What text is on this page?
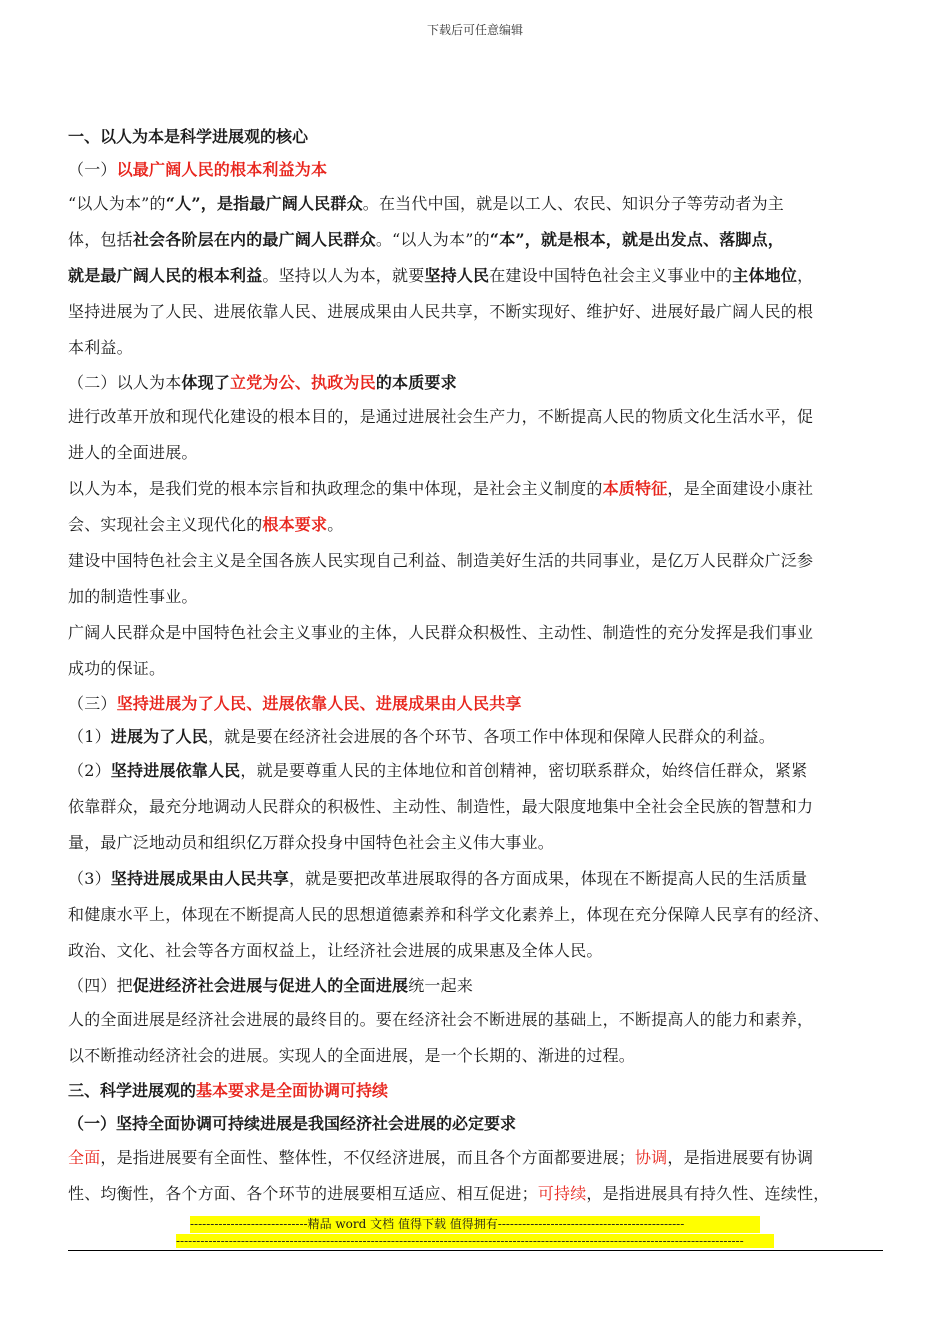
下载后可任意编辑
一、以人为本是科学进展观的核心
（一）以最广阔人民的根本利益为本
“以人为本”的“人”，是指最广阔人民群众。在当代中国，就是以工人、农民、知识分子等劳动者为主
体，包括社会各阶层在内的最广阔人民群众。“以人为本”的“本”，就是根本，就是出发点、落脚点，
就是最广阔人民的根本利益。坚持以人为本，就要坚持人民在建设中国特色社会主义事业中的主体地位，
坚持进展为了人民、进展依靠人民、进展成果由人民共享，不断实现好、维护好、进展好最广阔人民的根
本利益。
（二）以人为本体现了立党为公、执政为民的本质要求
进行改革开放和现代化建设的根本目的，是通过进展社会生产力，不断提高人民的物质文化生活水平，促
进人的全面进展。
以人为本，是我们党的根本宗旨和执政理念的集中体现，是社会主义制度的本质特征，是全面建设小康社
会、实现社会主义现代化的根本要求。
建设中国特色社会主义是全国各族人民实现自己利益、制造美好生活的共同事业，是亿万人民群众广泛参
加的制造性事业。
广阔人民群众是中国特色社会主义事业的主体，人民群众积极性、主动性、制造性的充分发挥是我们事业
成功的保证。
（三）坚持进展为了人民、进展依靠人民、进展成果由人民共享
（1）进展为了人民，就是要在经济社会进展的各个环节、各项工作中体现和保障人民群众的利益。
（2）坚持进展依靠人民，就是要尊重人民的主体地位和首创精神，密切联系群众，始终信任群众，紧紧
依靠群众，最充分地调动人民群众的积极性、主动性、制造性，最大限度地集中全社会全民族的智慧和力
量，最广泛地动员和组织亿万群众投身中国特色社会主义伟大事业。
（3）坚持进展成果由人民共享，就是要把改革进展取得的各方面成果，体现在不断提高人民的生活质量
和健康水平上，体现在不断提高人民的思想道德素养和科学文化素养上，体现在充分保障人民享有的经济、
政治、文化、社会等各方面权益上，让经济社会进展的成果惠及全体人民。
（四）把促进经济社会进展与促进人的全面进展统一起来
人的全面进展是经济社会进展的最终目的。要在经济社会不断进展的基础上，不断提高人的能力和素养，
以不断推动经济社会的进展。实现人的全面进展，是一个长期的、渐进的过程。
三、科学进展观的基本要求是全面协调可持续
（一）坚持全面协调可持续进展是我国经济社会进展的必定要求
全面，是指进展要有全面性、整体性，不仅经济进展，而且各个方面都要进展；协调，是指进展要有协调
性、均衡性，各个方面、各个环节的进展要相互适应、相互促进；可持续，是指进展具有持久性、连续性，
-----------------------------精品 word 文档 值得下载 值得拥有----------------------------------------------
--------------------------------------------------------------------------------------------------------------------------------------------
